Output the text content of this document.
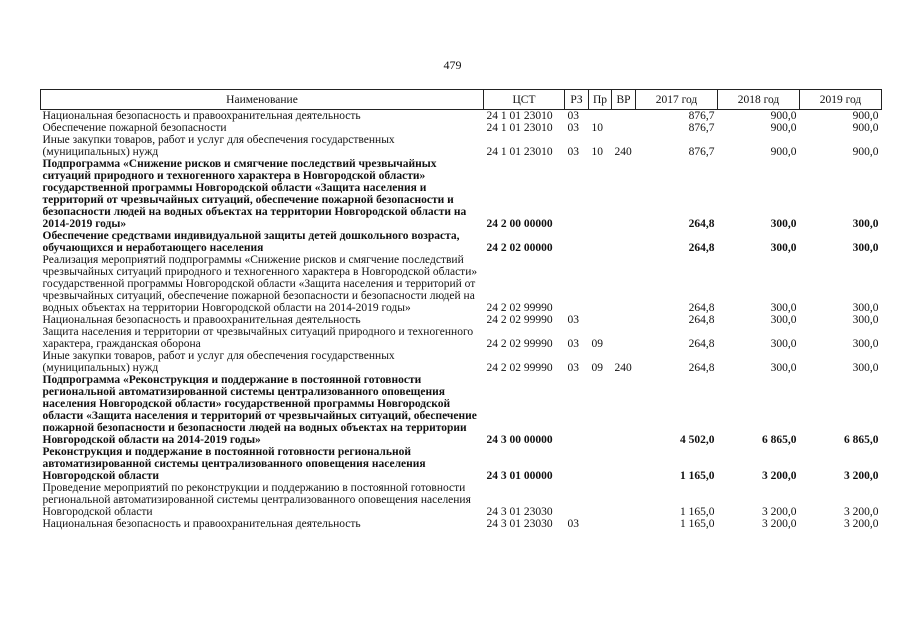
479
Наименование	ЦСТ	РЗ	Пр	ВР	2017 год	2018 год	2019 год
Национальная безопасность и правоохранительная деятельность	24 1 01 23010	03			876,7	900,0	900,0
Обеспечение пожарной безопасности	24 1 01 23010	03	10		876,7	900,0	900,0
Иные закупки товаров, работ и услуг для обеспечения государственных (муниципальных) нужд	24 1 01 23010	03	10	240	876,7	900,0	900,0
Подпрограмма «Снижение рисков и смягчение последствий чрезвычайных ситуаций природного и техногенного характера в Новгородской области» государственной программы Новгородской области «Защита населения и территорий от чрезвычайных ситуаций, обеспечение пожарной безопасности и безопасности людей на водных объектах на территории Новгородской области на 2014-2019 годы»	24 2 00 00000				264,8	300,0	300,0
Обеспечение средствами индивидуальной защиты детей дошкольного возраста, обучающихся и неработающего населения	24 2 02 00000				264,8	300,0	300,0
Реализация мероприятий подпрограммы «Снижение рисков и смягчение последствий чрезвычайных ситуаций природного и техногенного характера в Новгородской области» государственной программы Новгородской области «Защита населения и территорий от чрезвычайных ситуаций, обеспечение пожарной безопасности и безопасности людей на водных объектах на территории Новгородской области на 2014-2019 годы»	24 2 02 99990				264,8	300,0	300,0
Национальная безопасность и правоохранительная деятельность	24 2 02 99990	03			264,8	300,0	300,0
Защита населения и территории от чрезвычайных ситуаций природного и техногенного характера, гражданская оборона	24 2 02 99990	03	09		264,8	300,0	300,0
Иные закупки товаров, работ и услуг для обеспечения государственных (муниципальных) нужд	24 2 02 99990	03	09	240	264,8	300,0	300,0
Подпрограмма «Реконструкция и поддержание в постоянной готовности региональной автоматизированной системы централизованного оповещения населения Новгородской области» государственной программы Новгородской области «Защита населения и территорий от чрезвычайных ситуаций, обеспечение пожарной безопасности и безопасности людей на водных объектах на территории Новгородской области на 2014-2019 годы»	24 3 00 00000				4 502,0	6 865,0	6 865,0
Реконструкция и поддержание в постоянной готовности региональной автоматизированной системы централизованного оповещения населения Новгородской области	24 3 01 00000				1 165,0	3 200,0	3 200,0
Проведение мероприятий по реконструкции и поддержанию в постоянной готовности региональной автоматизированной системы централизованного оповещения населения Новгородской области	24 3 01 23030				1 165,0	3 200,0	3 200,0
Национальная безопасность и правоохранительная деятельность	24 3 01 23030	03			1 165,0	3 200,0	3 200,0
